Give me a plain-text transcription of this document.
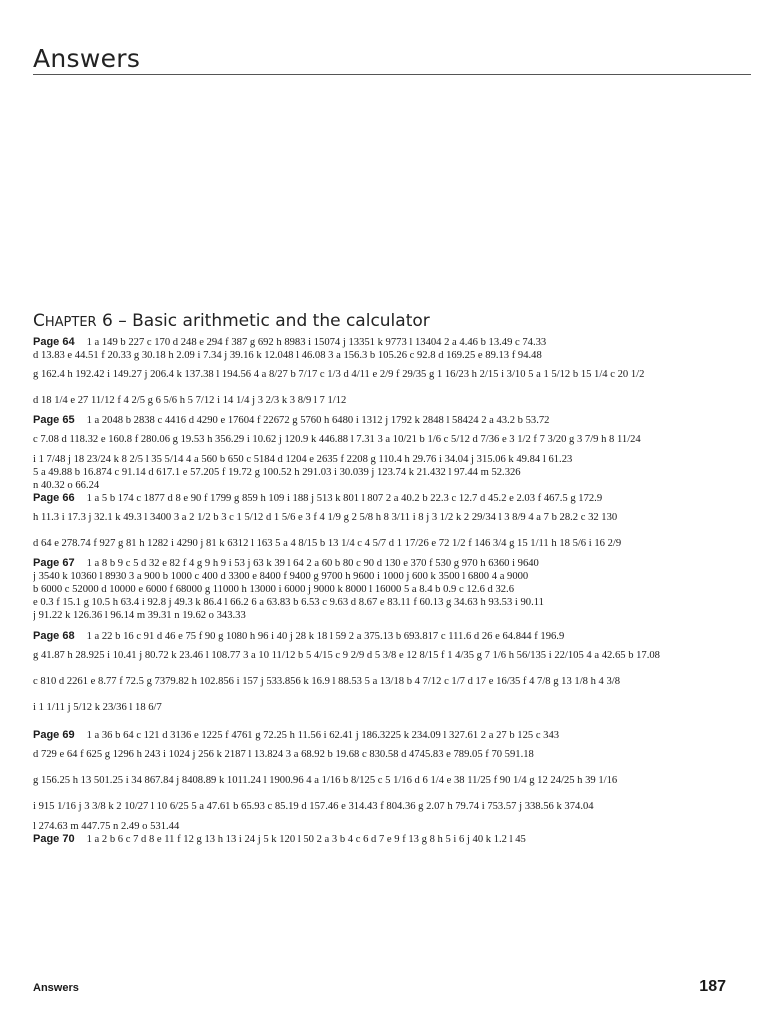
Answers
CHAPTER 6 – Basic arithmetic and the calculator
Page 64 1 a 149 b 227 c 170 d 248 e 294 f 387 g 692 h 8983 i 15074 j 13351 k 9773 l 13404 2 a 4.46 b 13.49 c 74.33
d 13.83 e 44.51 f 20.33 g 30.18 h 2.09 i 7.34 j 39.16 k 12.048 l 46.08 3 a 156.3 b 105.26 c 92.8 d 169.25 e 89.13 f 94.48
g 162.4 h 192.42 i 149.27 j 206.4 k 137.38 l 194.56 4 a 8/27 b 7/17 c 1/3 d 4/11 e 2/9 f 29/35 g 1 16/23 h 2/15 i 3/10 5 a 1 5/12 b 15 1/4 c 20 1/2
d 18 1/4 e 27 11/12 f 4 2/5 g 6 5/6 h 5 7/12 i 14 1/4 j 3 2/3 k 3 8/9 l 7 1/12
Page 65 1 a 2048 b 2838 c 4416 d 4290 e 17604 f 22672 g 5760 h 6480 i 1312 j 1792 k 2848 l 58424 2 a 43.2 b 53.72
c 7.08 d 118.32 e 160.8 f 280.06 g 19.53 h 356.29 i 10.62 j 120.9 k 446.88 l 7.31 3 a 10/21 b 1/6 c 5/12 d 7/36 e 3 1/2 f 7 3/20 g 3 7/9 h 8 11/24
i 1 7/48 j 18 23/24 k 8 2/5 l 35 5/14 4 a 560 b 650 c 5184 d 1204 e 2635 f 2208 g 110.4 h 29.76 i 34.04 j 315.06 k 49.84 l 61.23
5 a 49.88 b 16.874 c 91.14 d 617.1 e 57.205 f 19.72 g 100.52 h 291.03 i 30.039 j 123.74 k 21.432 l 97.44 m 52.326
n 40.32 o 66.24
Page 66 1 a 5 b 174 c 1877 d 8 e 90 f 1799 g 859 h 109 i 188 j 513 k 801 l 807 2 a 40.2 b 22.3 c 12.7 d 45.2 e 2.03 f 467.5 g 172.9
h 11.3 i 17.3 j 32.1 k 49.3 l 3400 3 a 2 1/2 b 3 c 1 5/12 d 1 5/6 e 3 f 4 1/9 g 2 5/8 h 8 3/11 i 8 j 3 1/2 k 2 29/34 l 3 8/9 4 a 7 b 28.2 c 32 130
d 64 e 278.74 f 927 g 81 h 1282 i 4290 j 81 k 6312 l 163 5 a 4 8/15 b 13 1/4 c 4 5/7 d 1 17/26 e 72 1/2 f 146 3/4 g 15 1/11 h 18 5/6 i 16 2/9
Page 67 1 a 8 b 9 c 5 d 32 e 82 f 4 g 9 h 9 i 53 j 63 k 39 l 64 2 a 60 b 80 c 90 d 130 e 370 f 530 g 970 h 6360 i 9640
j 3540 k 10360 l 8930 3 a 900 b 1000 c 400 d 3300 e 8400 f 9400 g 9700 h 9600 i 1000 j 600 k 3500 l 6800 4 a 9000
b 6000 c 52000 d 10000 e 6000 f 68000 g 11000 h 13000 i 6000 j 9000 k 8000 l 16000 5 a 8.4 b 0.9 c 12.6 d 32.6
e 0.3 f 15.1 g 10.5 h 63.4 i 92.8 j 49.3 k 86.4 l 66.2 6 a 63.83 b 6.53 c 9.63 d 8.67 e 83.11 f 60.13 g 34.63 h 93.53 i 90.11
j 91.22 k 126.36 l 96.14 m 39.31 n 19.62 o 343.33
Page 68 1 a 22 b 16 c 91 d 46 e 75 f 90 g 1080 h 96 i 40 j 28 k 18 l 59 2 a 375.13 b 693.817 c 111.6 d 26 e 64.844 f 196.9
g 41.87 h 28.925 i 10.41 j 80.72 k 23.46 l 108.77 3 a 10 11/12 b 5 4/15 c 9 2/9 d 5 3/8 e 12 8/15 f 1 4/35 g 7 1/6 h 56/135 i 22/105 4 a 42.65 b 17.08
c 810 d 2261 e 8.77 f 72.5 g 7379.82 h 102.856 i 157 j 533.856 k 16.9 l 88.53 5 a 13/18 b 4 7/12 c 1/7 d 17 e 16/35 f 4 7/8 g 13 1/8 h 4 3/8
i 1 1/11 j 5/12 k 23/36 l 18 6/7
Page 69 1 a 36 b 64 c 121 d 3136 e 1225 f 4761 g 72.25 h 11.56 i 62.41 j 186.3225 k 234.09 l 327.61 2 a 27 b 125 c 343
d 729 e 64 f 625 g 1296 h 243 i 1024 j 256 k 2187 l 13.824 3 a 68.92 b 19.68 c 830.58 d 4745.83 e 789.05 f 70 591.18
g 156.25 h 13 501.25 i 34 867.84 j 8408.89 k 1011.24 l 1900.96 4 a 1/16 b 8/125 c 5 1/16 d 6 1/4 e 38 11/25 f 90 1/4 g 12 24/25 h 39 1/16
i 915 1/16 j 3 3/8 k 2 10/27 l 10 6/25 5 a 47.61 b 65.93 c 85.19 d 157.46 e 314.43 f 804.36 g 2.07 h 79.74 i 753.57 j 338.56 k 374.04
l 274.63 m 447.75 n 2.49 o 531.44
Page 70 1 a 2 b 6 c 7 d 8 e 11 f 12 g 13 h 13 i 24 j 5 k 120 l 50 2 a 3 b 4 c 6 d 7 e 9 f 13 g 8 h 5 i 6 j 40 k 1.2 l 45
Answers	187
